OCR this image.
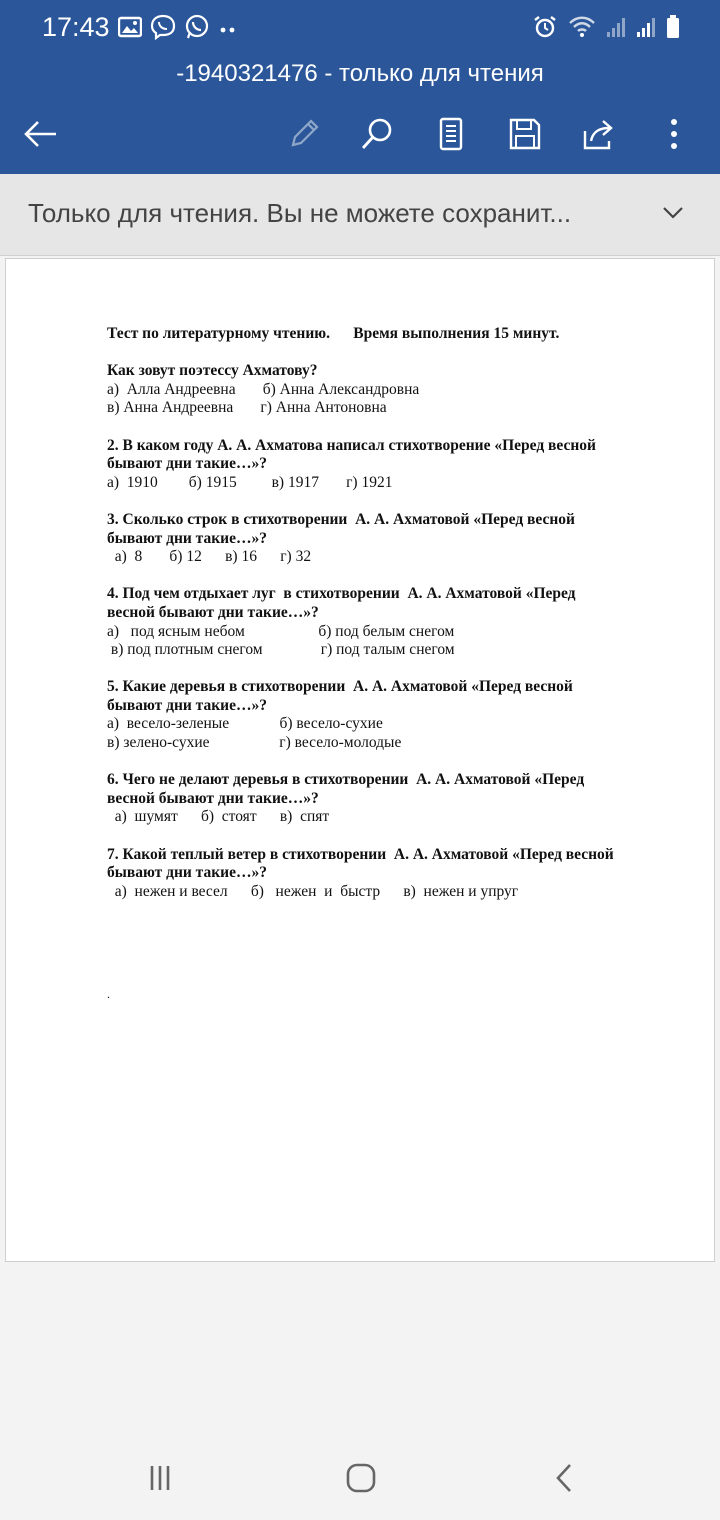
17:43
-1940321476 - только для чтения
Только для чтения. Вы не можете сохранит...
Тест по литературному чтению.      Время выполнения 15 минут.
Как зовут поэтессу Ахматову?
а)  Алла Андреевна       б) Анна Александровна
в) Анна Андреевна       г) Анна Антоновна
2. В каком году А. А. Ахматова написал стихотворение «Перед весной
бывают дни такие…»?
а)  1910        б) 1915         в) 1917       г) 1921
3. Сколько строк в стихотворении  А. А. Ахматовой «Перед весной
бывают дни такие…»?
а)  8       б) 12      в) 16      г) 32
4. Под чем отдыхает луг  в стихотворении  А. А. Ахматовой «Перед
весной бывают дни такие…»?
а)   под ясным небом                   б) под белым снегом
в) под плотным снегом               г) под талым снегом
5. Какие деревья в стихотворении  А. А. Ахматовой «Перед весной
бывают дни такие…»?
а)  весело-зеленые             б) весело-сухие
в) зелено-сухие                  г) весело-молодые
6. Чего не делают деревья в стихотворении  А. А. Ахматовой «Перед
весной бывают дни такие…»?
а)  шумят      б)  стоят      в)  спят
7. Какой теплый ветер в стихотворении  А. А. Ахматовой «Перед весной
бывают дни такие…»?
а)  нежен и весел      б)   нежен  и  быстр      в)  нежен и упруг
.
